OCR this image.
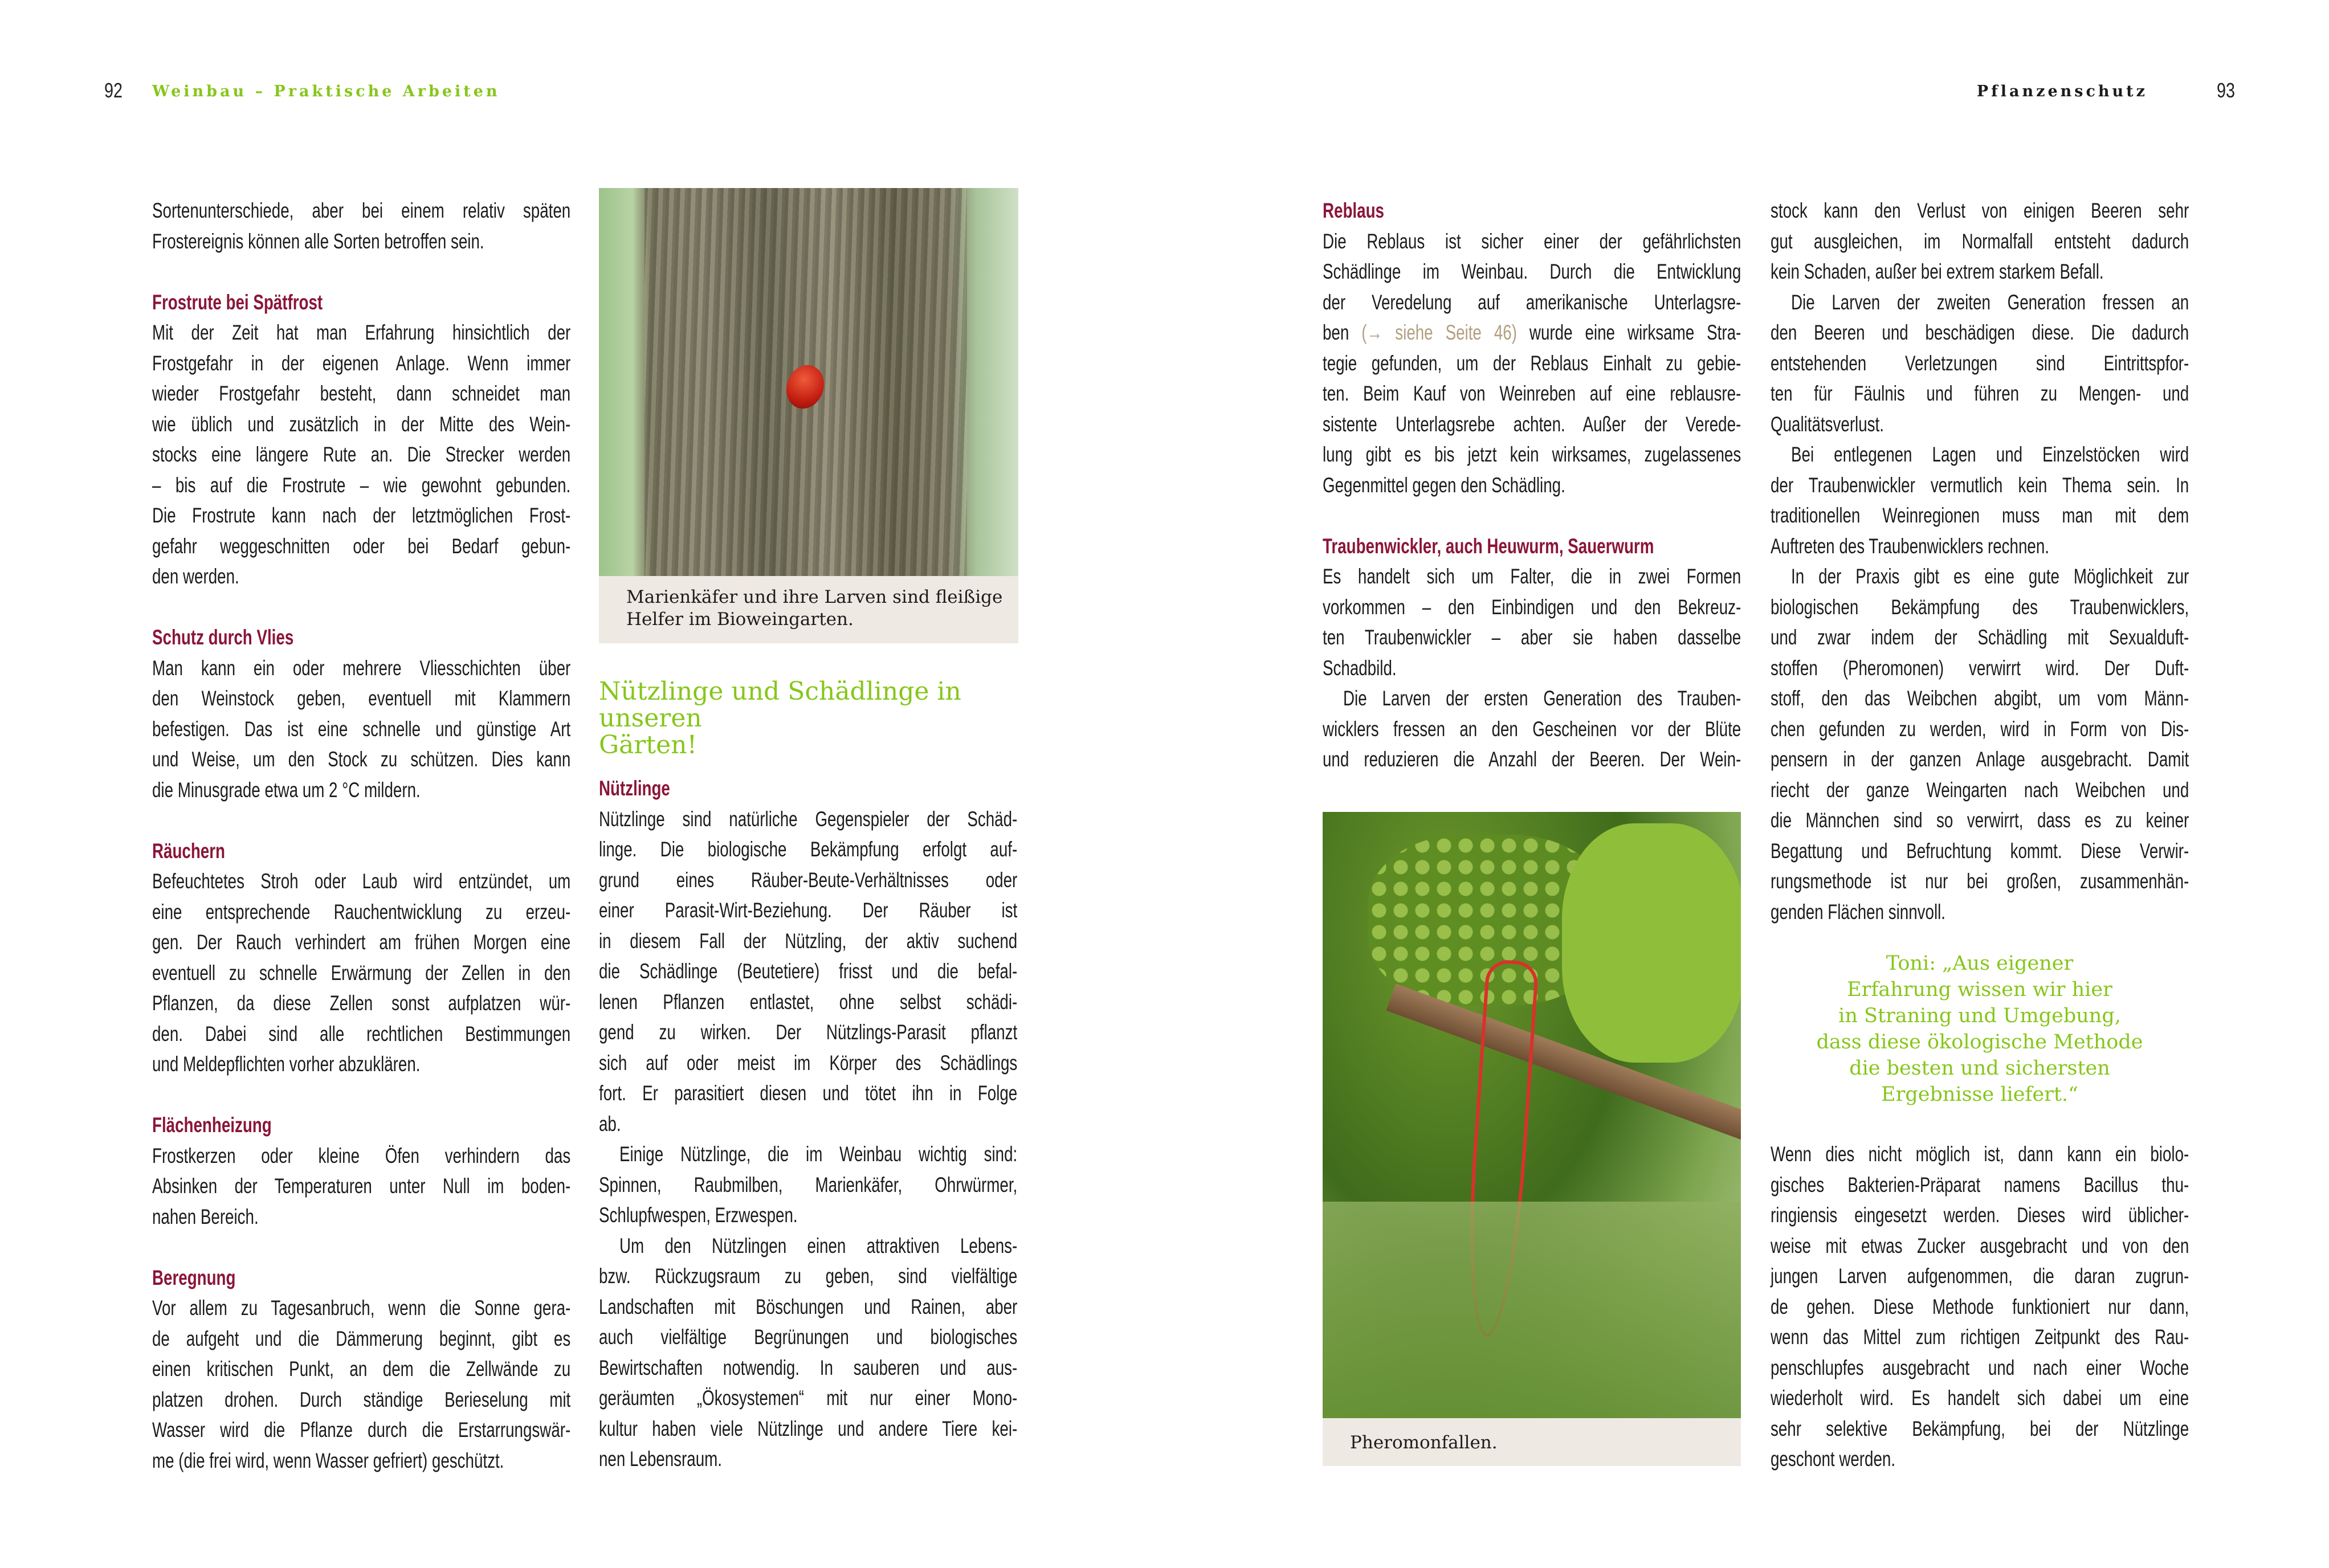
92 Weinbau – Praktische Arbeiten	Pflanzenschutz	93
Sortenunterschiede, aber bei einem relativ späten
Frostereignis können alle Sorten betroffen sein.
Frostrute bei Spätfrost
Mit der Zeit hat man Erfahrung hinsichtlich der
Frostgefahr in der eigenen Anlage. Wenn immer
wieder Frostgefahr besteht, dann schneidet man
wie üblich und zusätzlich in der Mitte des Wein-
stocks eine längere Rute an. Die Strecker werden
– bis auf die Frostrute – wie gewohnt gebunden.
Die Frostrute kann nach der letztmöglichen Frost-
gefahr weggeschnitten oder bei Bedarf gebun-
den werden.
Schutz durch Vlies
Man kann ein oder mehrere Vliesschichten über
den Weinstock geben, eventuell mit Klammern
befestigen. Das ist eine schnelle und günstige Art
und Weise, um den Stock zu schützen. Dies kann
die Minusgrade etwa um 2 °C mildern.
Räuchern
Befeuchtetes Stroh oder Laub wird entzündet, um
eine entsprechende Rauchentwicklung zu erzeu-
gen. Der Rauch verhindert am frühen Morgen eine
eventuell zu schnelle Erwärmung der Zellen in den
Pflanzen, da diese Zellen sonst aufplatzen wür-
den. Dabei sind alle rechtlichen Bestimmungen
und Meldepflichten vorher abzuklären.
Flächenheizung
Frostkerzen oder kleine Öfen verhindern das
Absinken der Temperaturen unter Null im boden-
nahen Bereich.
Beregnung
Vor allem zu Tagesanbruch, wenn die Sonne gera-
de aufgeht und die Dämmerung beginnt, gibt es
einen kritischen Punkt, an dem die Zellwände zu
platzen drohen. Durch ständige Berieselung mit
Wasser wird die Pflanze durch die Erstarrungswär-
me (die frei wird, wenn Wasser gefriert) geschützt.
Marienkäfer und ihre Larven sind fleißige
Helfer im Bioweingarten.
Nützlinge und Schädlinge in unseren
Gärten!
Nützlinge
Nützlinge sind natürliche Gegenspieler der Schäd-
linge. Die biologische Bekämpfung erfolgt auf-
grund eines Räuber-Beute-Verhältnisses oder
einer Parasit-Wirt-Beziehung. Der Räuber ist
in diesem Fall der Nützling, der aktiv suchend
die Schädlinge (Beutetiere) frisst und die befal-
lenen Pflanzen entlastet, ohne selbst schädi-
gend zu wirken. Der Nützlings-Parasit pflanzt
sich auf oder meist im Körper des Schädlings
fort. Er parasitiert diesen und tötet ihn in Folge
ab.
Einige Nützlinge, die im Weinbau wichtig sind:
Spinnen, Raubmilben, Marienkäfer, Ohrwürmer,
Schlupfwespen, Erzwespen.
Um den Nützlingen einen attraktiven Lebens-
bzw. Rückzugsraum zu geben, sind vielfältige
Landschaften mit Böschungen und Rainen, aber
auch vielfältige Begrünungen und biologisches
Bewirtschaften notwendig. In sauberen und aus-
geräumten „Ökosystemen“ mit nur einer Mono-
kultur haben viele Nützlinge und andere Tiere kei-
nen Lebensraum.
Reblaus
Die Reblaus ist sicher einer der gefährlichsten
Schädlinge im Weinbau. Durch die Entwicklung
der Veredelung auf amerikanische Unterlagsre-
ben (→ siehe Seite 46) wurde eine wirksame Stra-
tegie gefunden, um der Reblaus Einhalt zu gebie-
ten. Beim Kauf von Weinreben auf eine reblausre-
sistente Unterlagsrebe achten. Außer der Verede-
lung gibt es bis jetzt kein wirksames, zugelassenes
Gegenmittel gegen den Schädling.
Traubenwickler, auch Heuwurm, Sauerwurm
Es handelt sich um Falter, die in zwei Formen
vorkommen – den Einbindigen und den Bekreuz-
ten Traubenwickler – aber sie haben dasselbe
Schadbild.
Die Larven der ersten Generation des Trauben-
wicklers fressen an den Gescheinen vor der Blüte
und reduzieren die Anzahl der Beeren. Der Wein-
Pheromonfallen.
stock kann den Verlust von einigen Beeren sehr
gut ausgleichen, im Normalfall entsteht dadurch
kein Schaden, außer bei extrem starkem Befall.
Die Larven der zweiten Generation fressen an
den Beeren und beschädigen diese. Die dadurch
entstehenden Verletzungen sind Eintrittspfor-
ten für Fäulnis und führen zu Mengen- und
Qualitätsverlust.
Bei entlegenen Lagen und Einzelstöcken wird
der Traubenwickler vermutlich kein Thema sein. In
traditionellen Weinregionen muss man mit dem
Auftreten des Traubenwicklers rechnen.
In der Praxis gibt es eine gute Möglichkeit zur
biologischen Bekämpfung des Traubenwicklers,
und zwar indem der Schädling mit Sexualduft-
stoffen (Pheromonen) verwirrt wird. Der Duft-
stoff, den das Weibchen abgibt, um vom Männ-
chen gefunden zu werden, wird in Form von Dis-
pensern in der ganzen Anlage ausgebracht. Damit
riecht der ganze Weingarten nach Weibchen und
die Männchen sind so verwirrt, dass es zu keiner
Begattung und Befruchtung kommt. Diese Verwir-
rungsmethode ist nur bei großen, zusammenhän-
genden Flächen sinnvoll.
Toni: „Aus eigener
Erfahrung wissen wir hier
in Straning und Umgebung,
dass diese ökologische Methode
die besten und sichersten
Ergebnisse liefert.“
Wenn dies nicht möglich ist, dann kann ein biolo-
gisches Bakterien-Präparat namens Bacillus thu-
ringiensis eingesetzt werden. Dieses wird üblicher-
weise mit etwas Zucker ausgebracht und von den
jungen Larven aufgenommen, die daran zugrun-
de gehen. Diese Methode funktioniert nur dann,
wenn das Mittel zum richtigen Zeitpunkt des Rau-
penschlupfes ausgebracht und nach einer Woche
wiederholt wird. Es handelt sich dabei um eine
sehr selektive Bekämpfung, bei der Nützlinge
geschont werden.
